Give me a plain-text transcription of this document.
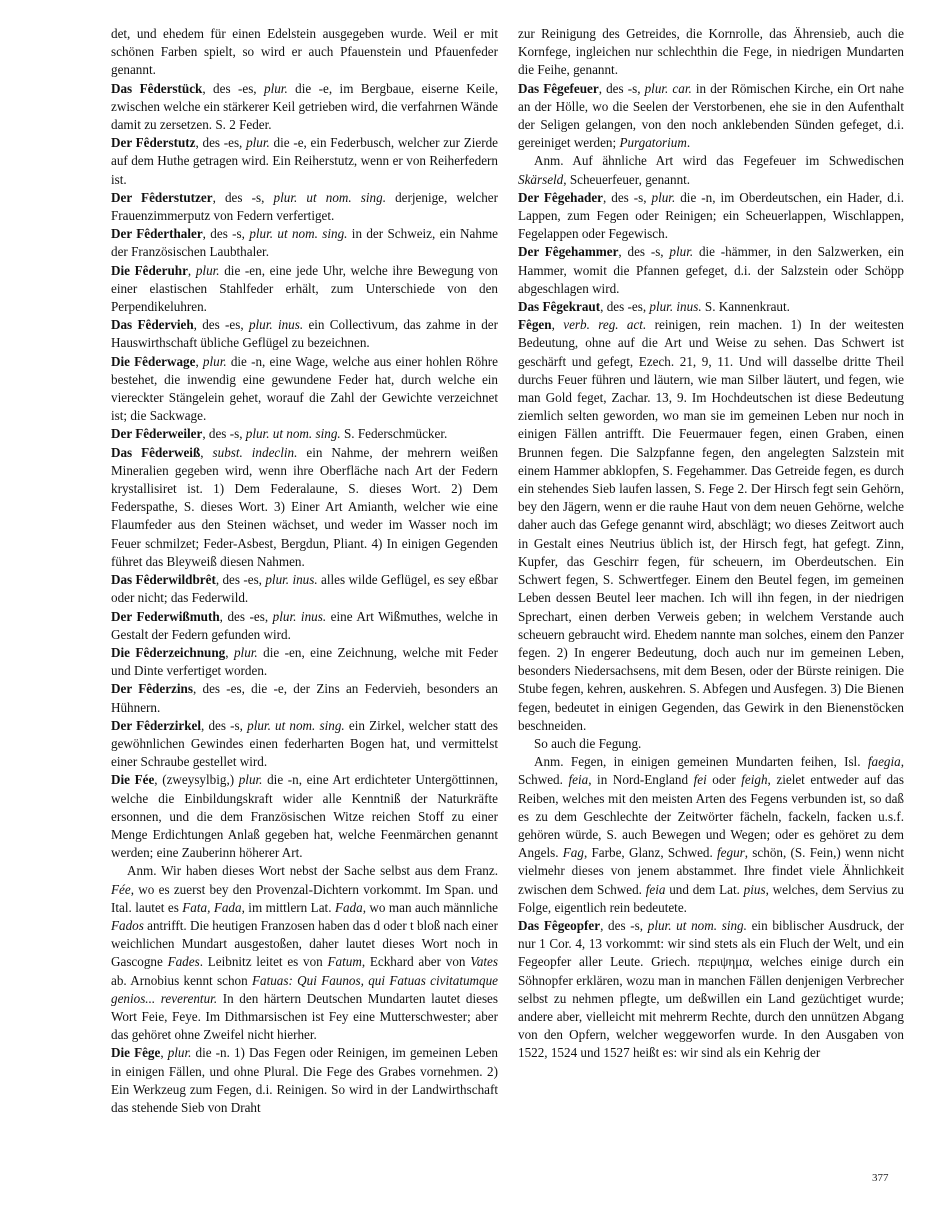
det, und ehedem für einen Edelstein ausgegeben wurde. Weil er mit schönen Farben spielt, so wird er auch Pfauenstein und Pfauenfeder genannt.

Das Fêderstück, des -es, plur. die -e, im Bergbaue, eiserne Keile, zwischen welche ein stärkerer Keil getrieben wird, die verfahrnen Wände damit zu zersetzen. S. 2 Feder.

Der Fêderstutz, des -es, plur. die -e, ein Federbusch, welcher zur Zierde auf dem Huthe getragen wird. Ein Reiherstutz, wenn er von Reiherfedern ist.

Der Fêderstutzer, des -s, plur. ut nom. sing. derjenige, welcher Frauenzimmerputz von Federn verfertiget.

Der Fêderthaler, des -s, plur. ut nom. sing. in der Schweiz, ein Nahme der Französischen Laubthaler.

Die Fêderuhr, plur. die -en, eine jede Uhr, welche ihre Bewegung von einer elastischen Stahlfeder erhält, zum Unterschiede von den Perpendikeluhren.

Das Fêdervieh, des -es, plur. inus. ein Collectivum, das zahme in der Hauswirthschaft übliche Geflügel zu bezeichnen.

Die Fêderwage, plur. die -n, eine Wage, welche aus einer hohlen Röhre bestehet, die inwendig eine gewundene Feder hat, durch welche ein viereckter Stängelein gehet, worauf die Zahl der Gewichte verzeichnet ist; die Sackwage.

Der Fêderweiler, des -s, plur. ut nom. sing. S. Federschmücker.

Das Fêderweiß, subst. indeclin. ein Nahme, der mehrern weißen Mineralien gegeben wird, wenn ihre Oberfläche nach Art der Federn krystallisiret ist. 1) Dem Federalaune, S. dieses Wort. 2) Dem Federspathe, S. dieses Wort. 3) Einer Art Amianth, welcher wie eine Flaumfeder aus den Steinen wächset, und weder im Wasser noch im Feuer schmilzet; Feder-Asbest, Bergdun, Pliant. 4) In einigen Gegenden führet das Bleyweiß diesen Nahmen.

Das Fêderwildbrêt, des -es, plur. inus. alles wilde Geflügel, es sey eßbar oder nicht; das Federwild.

Der Federwißmuth, des -es, plur. inus. eine Art Wißmuthes, welche in Gestalt der Federn gefunden wird.

Die Fêderzeichnung, plur. die -en, eine Zeichnung, welche mit Feder und Dinte verfertiget worden.

Der Fêderzins, des -es, die -e, der Zins an Federvieh, besonders an Hühnern.

Der Fêderzirkel, des -s, plur. ut nom. sing. ein Zirkel, welcher statt des gewöhnlichen Gewindes einen federharten Bogen hat, und vermittelst einer Schraube gestellet wird.

Die Fée, (zweysylbig,) plur. die -n, eine Art erdichteter Untergöttinnen, welche die Einbildungskraft wider alle Kenntniß der Naturkräfte ersonnen, und die dem Französischen Witze reichen Stoff zu einer Menge Erdichtungen Anlaß gegeben hat, welche Feenmärchen genannt werden; eine Zauberinn höherer Art.

Anm. Wir haben dieses Wort nebst der Sache selbst aus dem Franz. Fée, wo es zuerst bey den Provenzal-Dichtern vorkommt. Im Span. und Ital. lautet es Fata, Fada, im mittlern Lat. Fada, wo man auch männliche Fados antrifft. Die heutigen Franzosen haben das d oder t bloß nach einer weichlichen Mundart ausgestoßen, daher lautet dieses Wort noch in Gascogne Fades. Leibnitz leitet es von Fatum, Eckhard aber von Vates ab. Arnobius kennt schon Fatuas: Qui Faunos, qui Fatuas civitatumque genios... reverentur. In den härtern Deutschen Mundarten lautet dieses Wort Feie, Feye. Im Dithmarsischen ist Fey eine Mutterschwester; aber das gehöret ohne Zweifel nicht hierher.

Die Fêge, plur. die -n. 1) Das Fegen oder Reinigen, im gemeinen Leben in einigen Fällen, und ohne Plural. Die Fege des Grabes vornehmen. 2) Ein Werkzeug zum Fegen, d.i. Reinigen. So wird in der Landwirthschaft das stehende Sieb von Draht

zur Reinigung des Getreides, die Kornrolle, das Ährensieb, auch die Kornfege, ingleichen nur schlechthin die Fege, in niedrigen Mundarten die Feihe, genannt.

Das Fêgefeuer, des -s, plur. car. in der Römischen Kirche, ein Ort nahe an der Hölle, wo die Seelen der Verstorbenen, ehe sie in den Aufenthalt der Seligen gelangen, von den noch anklebenden Sünden gefeget, d.i. gereiniget werden; Purgatorium.

Anm. Auf ähnliche Art wird das Fegefeuer im Schwedischen Skärseld, Scheuerfeuer, genannt.

Der Fêgehader, des -s, plur. die -n, im Oberdeutschen, ein Hader, d.i. Lappen, zum Fegen oder Reinigen; ein Scheuerlappen, Wischlappen, Fegelappen oder Fegewisch.

Der Fêgehammer, des -s, plur. die -hämmer, in den Salzwerken, ein Hammer, womit die Pfannen gefeget, d.i. der Salzstein oder Schöpp abgeschlagen wird.

Das Fêgekraut, des -es, plur. inus. S. Kannenkraut.

Fêgen, verb. reg. act. reinigen, rein machen. 1) In der weitesten Bedeutung, ohne auf die Art und Weise zu sehen. Das Schwert ist geschärft und gefegt, Ezech. 21, 9, 11. Und will dasselbe dritte Theil durchs Feuer führen und läutern, wie man Silber läutert, und fegen, wie man Gold feget, Zachar. 13, 9. Im Hochdeutschen ist diese Bedeutung ziemlich selten geworden, wo man sie im gemeinen Leben nur noch in einigen Fällen antrifft. Die Feuermauer fegen, einen Graben, einen Brunnen fegen. Die Salzpfanne fegen, den angelegten Salzstein mit einem Hammer abklopfen, S. Fegehammer. Das Getreide fegen, es durch ein stehendes Sieb laufen lassen, S. Fege 2. Der Hirsch fegt sein Gehörn, bey den Jägern, wenn er die rauhe Haut von dem neuen Gehörne, welche daher auch das Gefege genannt wird, abschlägt; wo dieses Zeitwort auch in Gestalt eines Neutrius üblich ist, der Hirsch fegt, hat gefegt. Zinn, Kupfer, das Geschirr fegen, für scheuern, im Oberdeutschen. Ein Schwert fegen, S. Schwertfeger. Einem den Beutel fegen, im gemeinen Leben dessen Beutel leer machen. Ich will ihn fegen, in der niedrigen Sprechart, einen derben Verweis geben; in welchem Verstande auch scheuern gebraucht wird. Ehedem nannte man solches, einem den Panzer fegen. 2) In engerer Bedeutung, doch auch nur im gemeinen Leben, besonders Niedersachsens, mit dem Besen, oder der Bürste reinigen. Die Stube fegen, kehren, auskehren. S. Abfegen und Ausfegen. 3) Die Bienen fegen, bedeutet in einigen Gegenden, das Gewirk in den Bienenstöcken beschneiden.

So auch die Fegung.

Anm. Fegen, in einigen gemeinen Mundarten feihen, Isl. faegia, Schwed. feia, in Nord-England fei oder feigh, zielet entweder auf das Reiben, welches mit den meisten Arten des Fegens verbunden ist, so daß es zu dem Geschlechte der Zeitwörter fächeln, fackeln, facken u.s.f. gehören würde, S. auch Bewegen und Wegen; oder es gehöret zu dem Angels. Fag, Farbe, Glanz, Schwed. fegur, schön, (S. Fein,) wenn nicht vielmehr dieses von jenem abstammet. Ihre findet viele Ähnlichkeit zwischen dem Schwed. feia und dem Lat. pius, welches, dem Servius zu Folge, eigentlich rein bedeutete.

Das Fêgeopfer, des -s, plur. ut nom. sing. ein biblischer Ausdruck, der nur 1 Cor. 4, 13 vorkommt: wir sind stets als ein Fluch der Welt, und ein Fegeopfer aller Leute. Griech. περιψημα, welches einige durch ein Söhnopfer erklären, wozu man in manchen Fällen denjenigen Verbrecher selbst zu nehmen pflegte, um deßwillen ein Land gezüchtiget wurde; andere aber, vielleicht mit mehrerm Rechte, durch den unnützen Abgang von den Opfern, welcher weggeworfen wurde. In den Ausgaben von 1522, 1524 und 1527 heißt es: wir sind als ein Kehrig der

377
